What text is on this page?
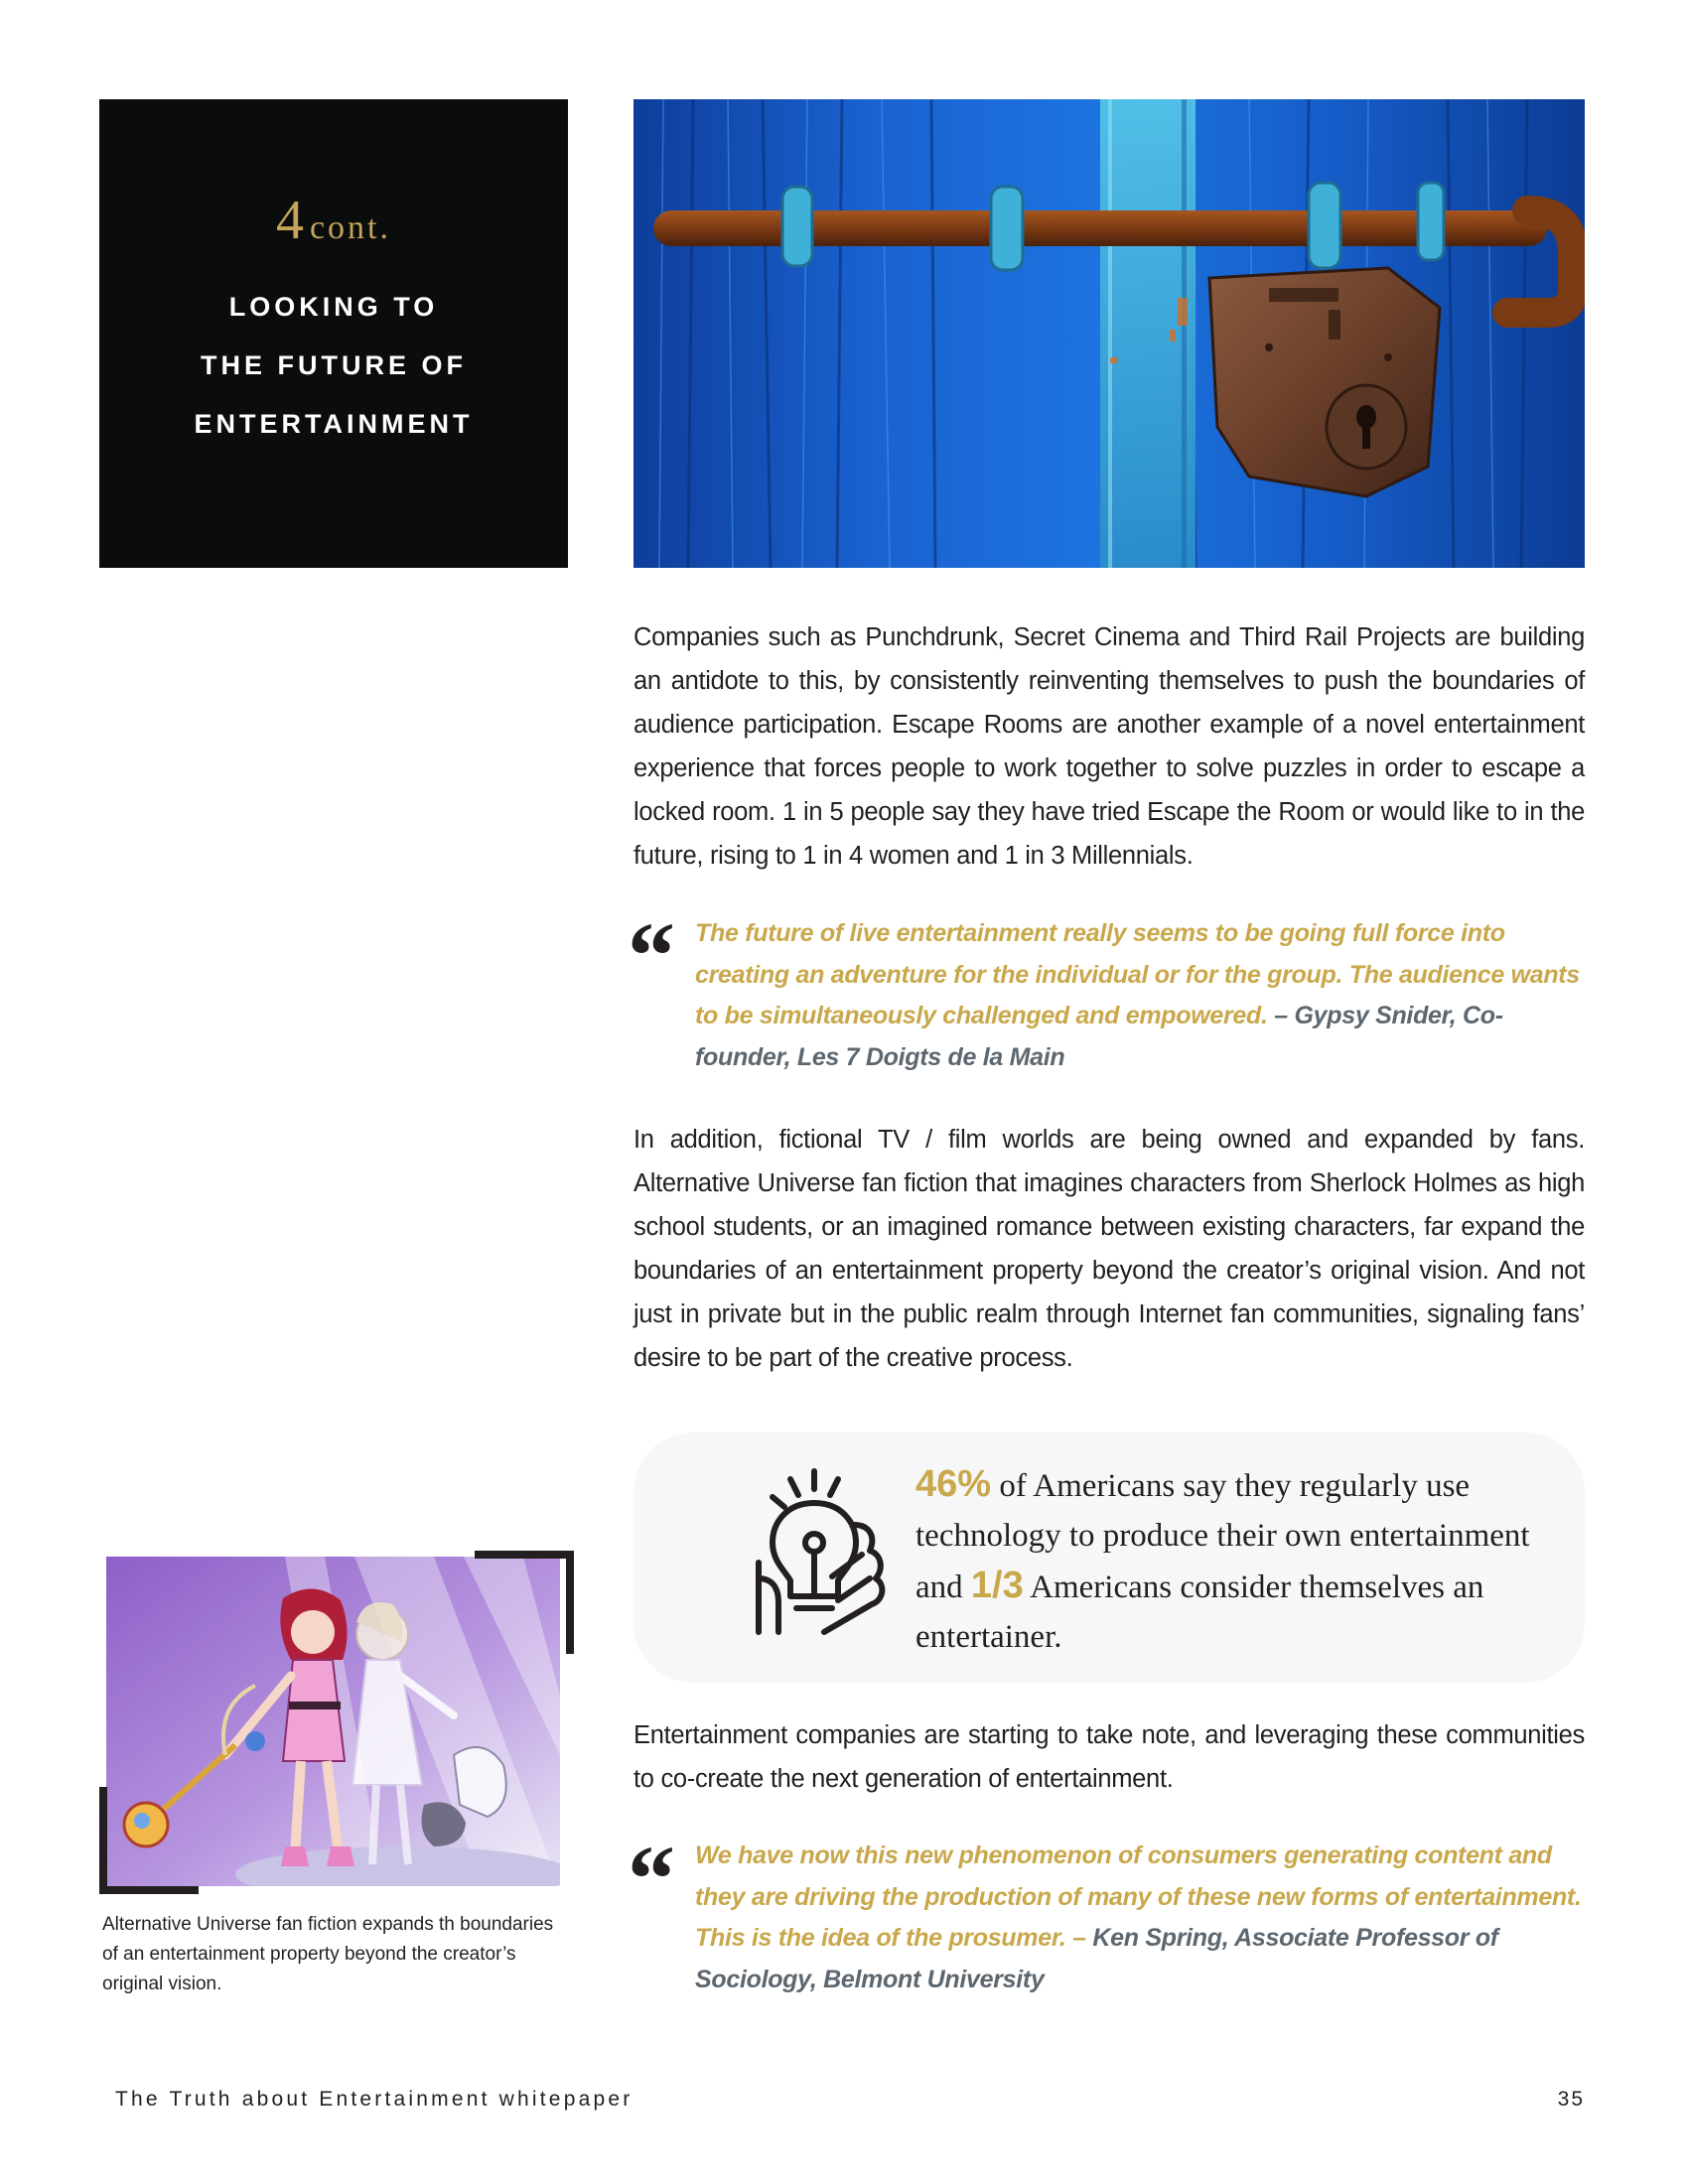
4 cont.
LOOKING TO
THE FUTURE OF
ENTERTAINMENT

Companies such as Punchdrunk, Secret Cinema and Third Rail Projects are building an antidote to this, by consistently reinventing themselves to push the boundaries of audience participation. Escape Rooms are another example of a novel entertainment experience that forces people to work together to solve puzzles in order to escape a locked room. 1 in 5 people say they have tried Escape the Room or would like to in the future, rising to 1 in 4 women and 1 in 3 Millennials.

“ The future of live entertainment really seems to be going full force into creating an adventure for the individual or for the group. The audience wants to be simultaneously challenged and empowered. – Gypsy Snider, Co-founder, Les 7 Doigts de la Main

In addition, fictional TV / film worlds are being owned and expanded by fans. Alternative Universe fan fiction that imagines characters from Sherlock Holmes as high school students, or an imagined romance between existing characters, far expand the boundaries of an entertainment property beyond the creator’s original vision. And not just in private but in the public realm through Internet fan communities, signaling fans’ desire to be part of the creative process.

46% of Americans say they regularly use technology to produce their own entertainment and 1/3 Americans consider themselves an entertainer.

Entertainment companies are starting to take note, and leveraging these communities to co-create the next generation of entertainment.

“ We have now this new phenomenon of consumers generating content and they are driving the production of many of these new forms of entertainment. This is the idea of the prosumer. – Ken Spring, Associate Professor of Sociology, Belmont University

Alternative Universe fan fiction expands th boundaries of an entertainment property beyond the creator’s original vision.

The Truth about Entertainment whitepaper	35
